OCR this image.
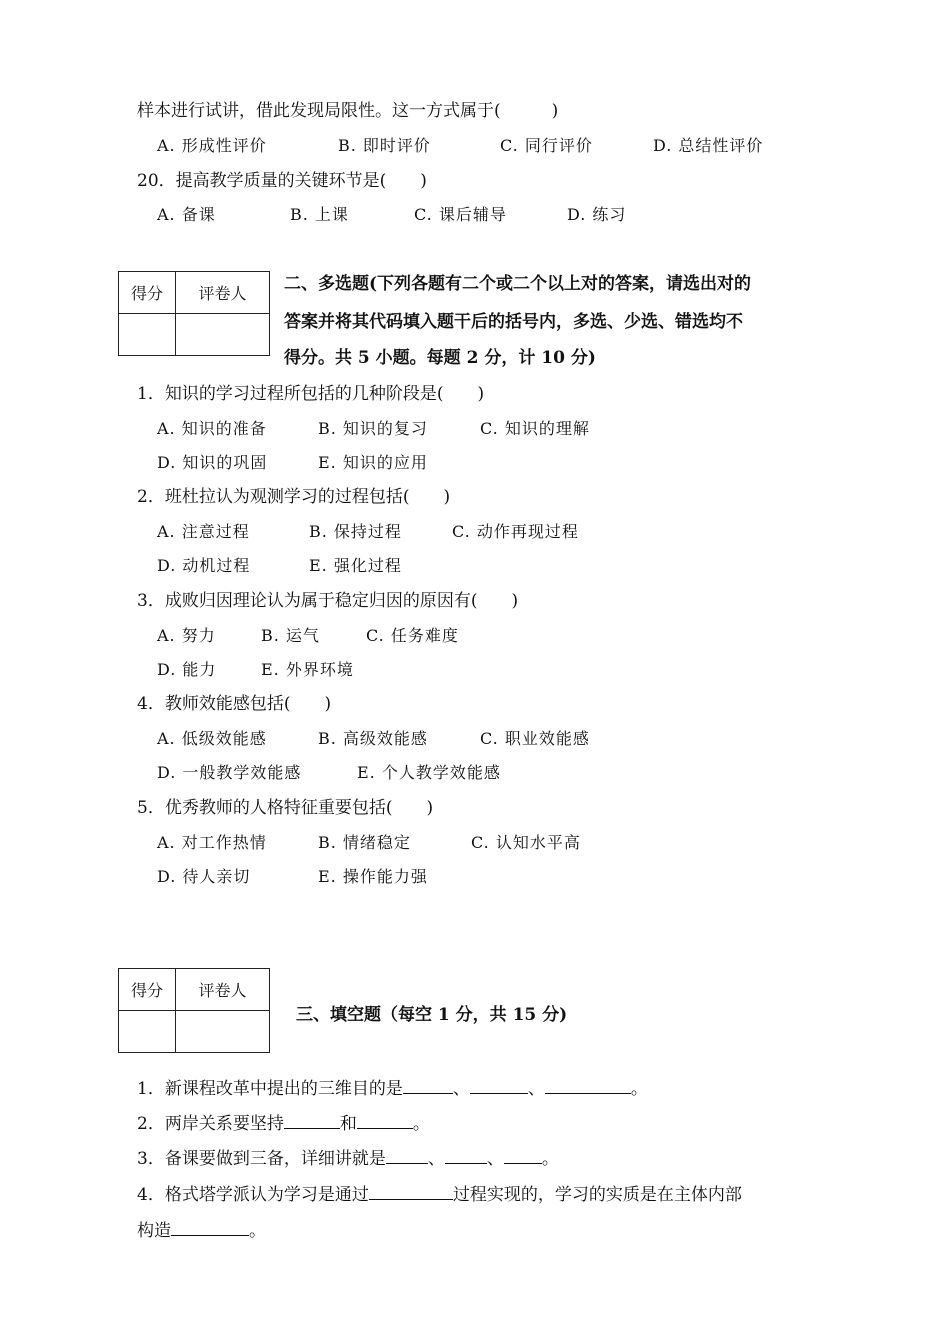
样本进行试讲，借此发现局限性。这一方式属于(　　　)
A. 形成性评价	B. 即时评价	C. 同行评价	D. 总结性评价
20．提高教学质量的关键环节是(　　)
A. 备课	B. 上课	C. 课后辅导	D. 练习
得分	评卷人
	二、多选题(下列各题有二个或二个以上对的答案，请选出对的
答案并将其代码填入题干后的括号内，多选、少选、错选均不
得分。共 5 小题。每题 2 分，计 10 分)
1．知识的学习过程所包括的几种阶段是(　　)
A. 知识的准备	B. 知识的复习	C. 知识的理解
D. 知识的巩固	E. 知识的应用
2．班杜拉认为观测学习的过程包括(　　)
A. 注意过程	B. 保持过程	C. 动作再现过程
D. 动机过程	E. 强化过程
3．成败归因理论认为属于稳定归因的原因有(　　)
A. 努力	B. 运气	C. 任务难度
D. 能力	E. 外界环境
4．教师效能感包括(　　)
A. 低级效能感	B. 高级效能感	C. 职业效能感
D. 一般教学效能感	E. 个人教学效能感
5．优秀教师的人格特征重要包括(　　)
A. 对工作热情	B. 情绪稳定	C. 认知水平高
D. 待人亲切	E. 操作能力强
得分	评卷人

三、填空题（每空 1 分，共 15 分)
1．新课程改革中提出的三维目的是	、	、	。
2．两岸关系要坚持	和	。
3．备课要做到三备，详细讲就是 、 、 。
4．格式塔学派认为学习是通过	过程实现的，学习的实质是在主体内部
构造	。
